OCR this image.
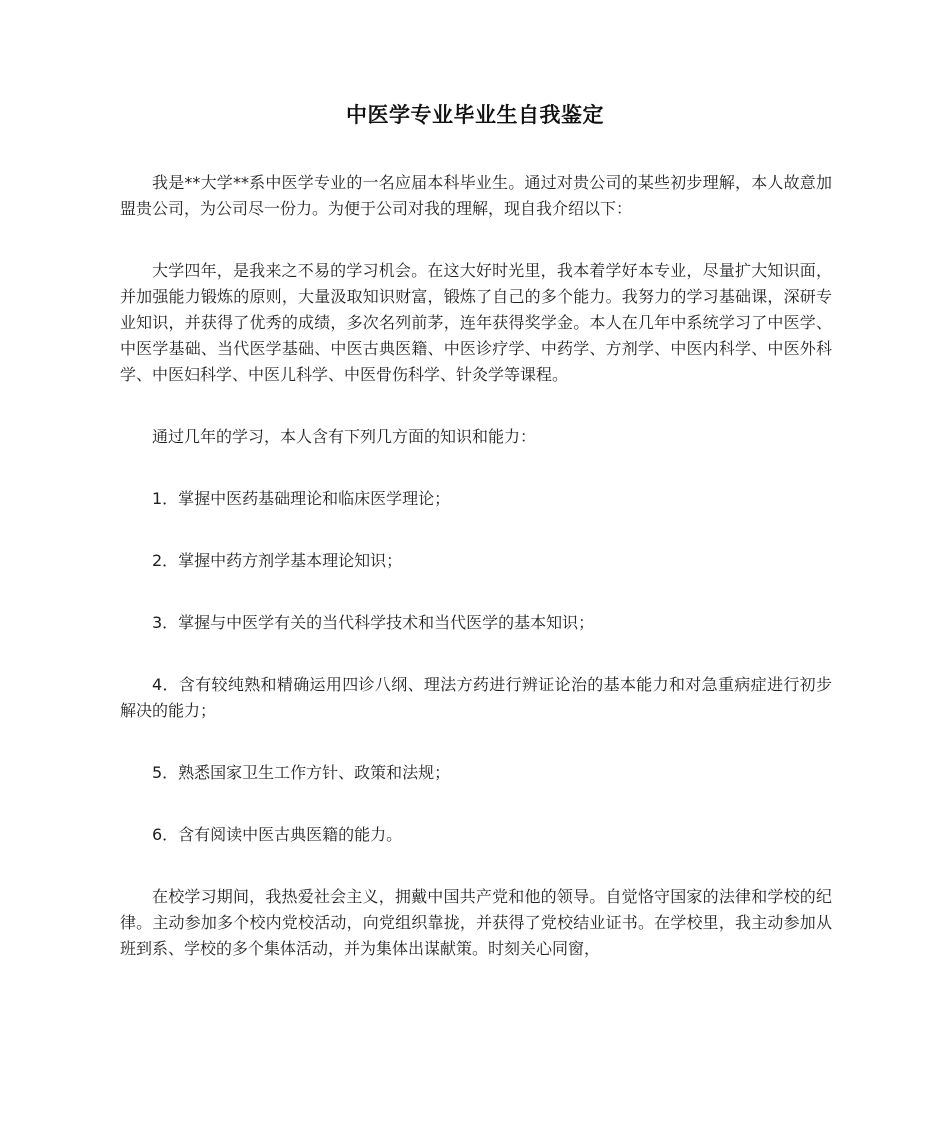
中医学专业毕业生自我鉴定

我是**大学**系中医学专业的一名应届本科毕业生。通过对贵公司的某些初步理解，本人故意加盟贵公司，为公司尽一份力。为便于公司对我的理解，现自我介绍以下：

大学四年，是我来之不易的学习机会。在这大好时光里，我本着学好本专业，尽量扩大知识面，并加强能力锻炼的原则，大量汲取知识财富，锻炼了自己的多个能力。我努力的学习基础课，深研专业知识，并获得了优秀的成绩，多次名列前茅，连年获得奖学金。本人在几年中系统学习了中医学、中医学基础、当代医学基础、中医古典医籍、中医诊疗学、中药学、方剂学、中医内科学、中医外科学、中医妇科学、中医儿科学、中医骨伤科学、针灸学等课程。

通过几年的学习，本人含有下列几方面的知识和能力：

1．掌握中医药基础理论和临床医学理论；

2．掌握中药方剂学基本理论知识；

3．掌握与中医学有关的当代科学技术和当代医学的基本知识；

4．含有较纯熟和精确运用四诊八纲、理法方药进行辨证论治的基本能力和对急重病症进行初步解决的能力；

5．熟悉国家卫生工作方针、政策和法规；

6．含有阅读中医古典医籍的能力。

在校学习期间，我热爱社会主义，拥戴中国共产党和他的领导。自觉恪守国家的法律和学校的纪律。主动参加多个校内党校活动，向党组织靠拢，并获得了党校结业证书。在学校里，我主动参加从班到系、学校的多个集体活动，并为集体出谋献策。时刻关心同窗，
